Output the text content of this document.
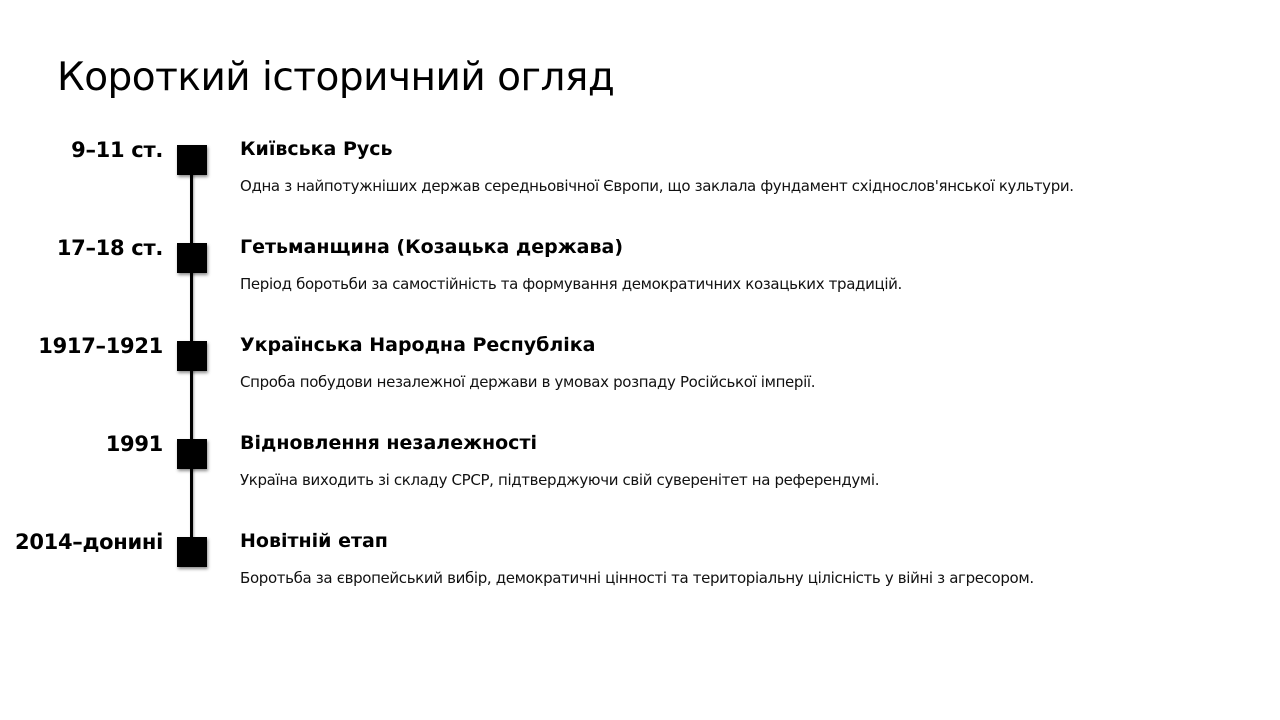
Короткий історичний огляд
9–11 ст.	Київська Русь
Одна з найпотужніших держав середньовічної Європи, що заклала фундамент східнослов'янської культури.
17–18 ст.	Гетьманщина (Козацька держава)
Період боротьби за самостійність та формування демократичних козацьких традицій.
1917–1921	Українська Народна Республіка
Спроба побудови незалежної держави в умовах розпаду Російської імперії.
1991	Відновлення незалежності
Україна виходить зі складу СРСР, підтверджуючи свій суверенітет на референдумі.
2014–донині	Новітній етап
Боротьба за європейський вибір, демократичні цінності та територіальну цілісність у війні з агресором.
